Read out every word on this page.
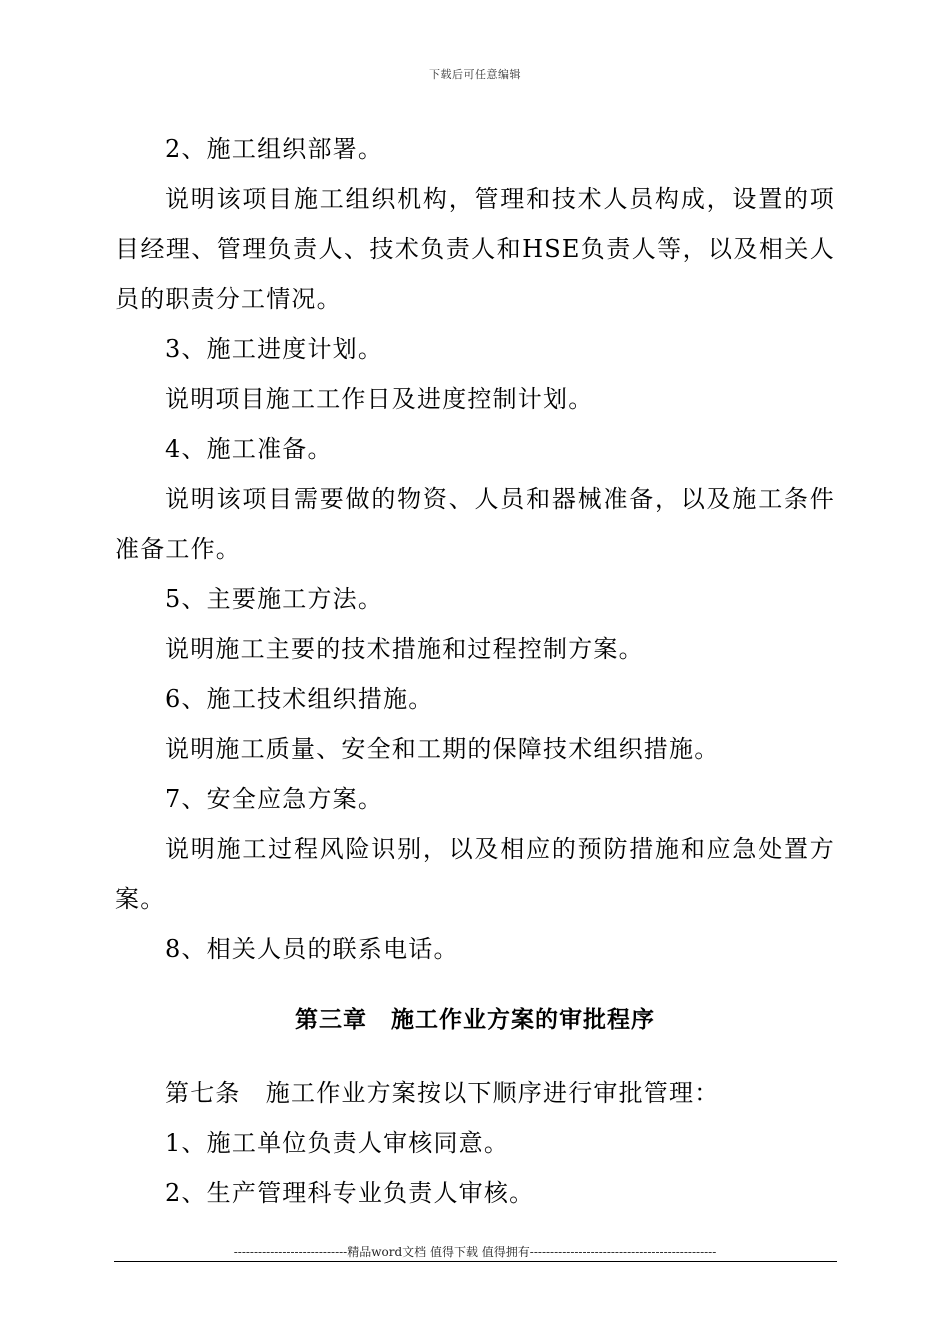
下载后可任意编辑

2、施工组织部署。

说明该项目施工组织机构，管理和技术人员构成，设置的项目经理、管理负责人、技术负责人和HSE负责人等，以及相关人员的职责分工情况。

3、施工进度计划。

说明项目施工工作日及进度控制计划。

4、施工准备。

说明该项目需要做的物资、人员和器械准备，以及施工条件准备工作。

5、主要施工方法。

说明施工主要的技术措施和过程控制方案。

6、施工技术组织措施。

说明施工质量、安全和工期的保障技术组织措施。

7、安全应急方案。

说明施工过程风险识别，以及相应的预防措施和应急处置方案。

8、相关人员的联系电话。

第三章　施工作业方案的审批程序

第七条　施工作业方案按以下顺序进行审批管理：

1、施工单位负责人审核同意。

2、生产管理科专业负责人审核。

----------------------------精品word文档 值得下载 值得拥有----------------------------------------------
